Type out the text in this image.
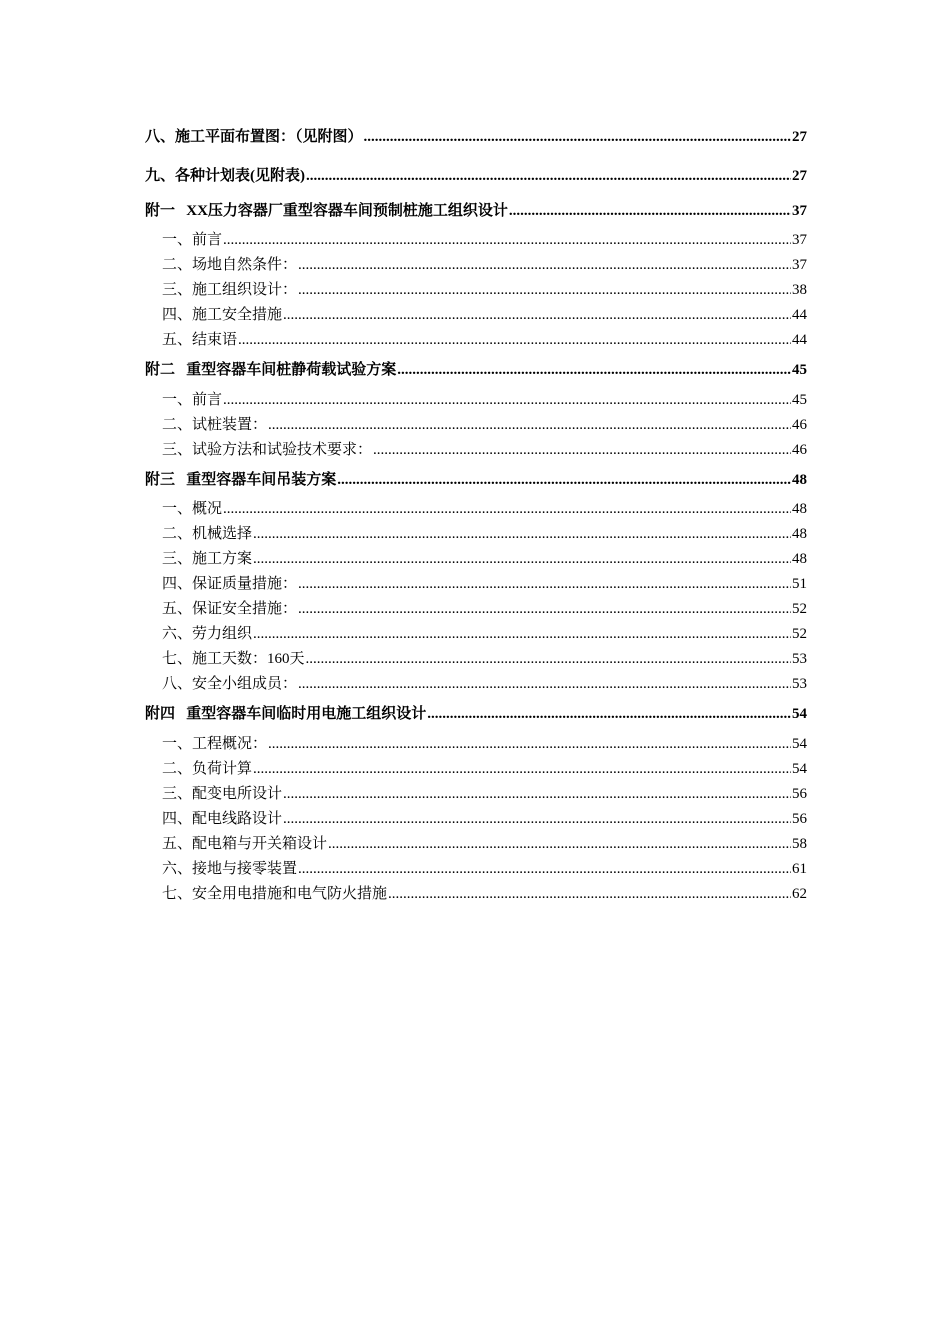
八、施工平面布置图：（见附图） .....	27
九、各种计划表(见附表) .....	27
附一   XX压力容器厂重型容器车间预制桩施工组织设计 .....	37
一、前言 .....	37
二、场地自然条件： .....	37
三、施工组织设计： .....	38
四、施工安全措施 .....	44
五、结束语 .....	44
附二   重型容器车间桩静荷载试验方案 .....	45
一、前言 .....	45
二、试桩装置： .....	46
三、试验方法和试验技术要求： .....	46
附三   重型容器车间吊装方案 .....	48
一、概况 .....	48
二、机械选择 .....	48
三、施工方案 .....	48
四、保证质量措施： .....	51
五、保证安全措施： .....	52
六、劳力组织 .....	52
七、施工天数：160天 .....	53
八、安全小组成员： .....	53
附四   重型容器车间临时用电施工组织设计 .....	54
一、工程概况： .....	54
二、负荷计算 .....	54
三、配变电所设计 .....	56
四、配电线路设计 .....	56
五、配电箱与开关箱设计 .....	58
六、接地与接零装置 .....	61
七、安全用电措施和电气防火措施 .....	62
